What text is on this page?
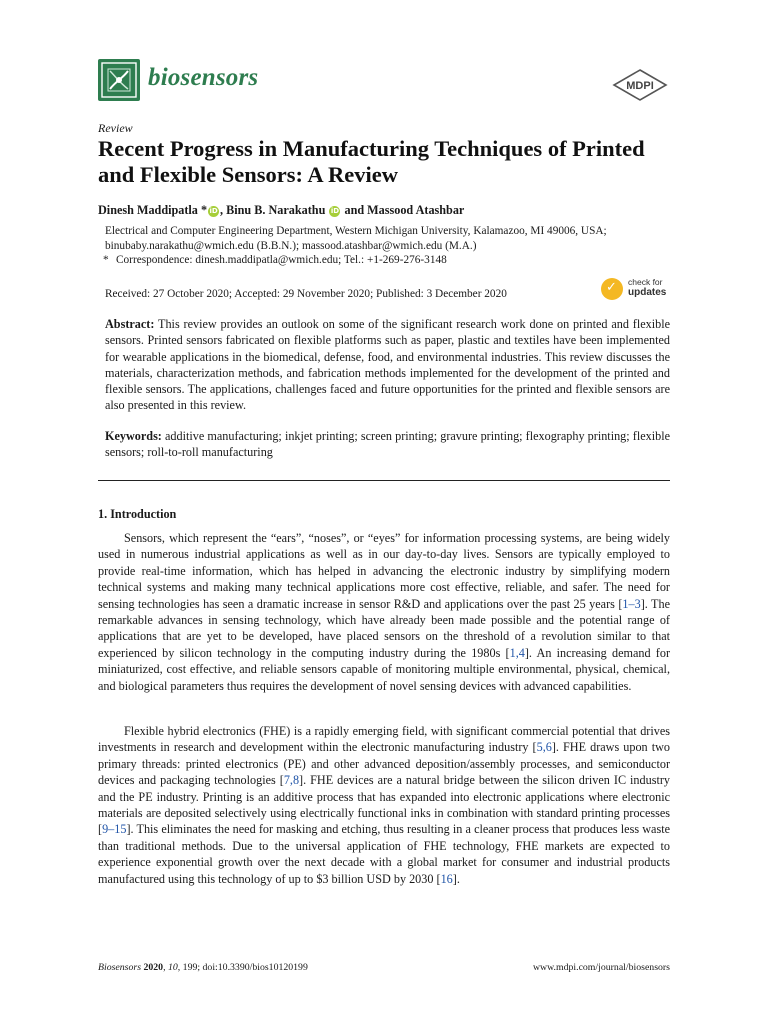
biosensors	MDPI
Review
Recent Progress in Manufacturing Techniques of Printed and Flexible Sensors: A Review
Dinesh Maddipatla * iD , Binu B. Narakathu iD and Massood Atashbar
Electrical and Computer Engineering Department, Western Michigan University, Kalamazoo, MI 49006, USA;
binubaby.narakathu@wmich.edu (B.B.N.); massood.atashbar@wmich.edu (M.A.)
* Correspondence: dinesh.maddipatla@wmich.edu; Tel.: +1-269-276-3148
Received: 27 October 2020; Accepted: 29 November 2020; Published: 3 December 2020	✓ check for
updates
Abstract: This review provides an outlook on some of the significant research work done on printed and flexible sensors. Printed sensors fabricated on flexible platforms such as paper, plastic and textiles have been implemented for wearable applications in the biomedical, defense, food, and environmental industries. This review discusses the materials, characterization methods, and fabrication methods implemented for the development of the printed and flexible sensors. The applications, challenges faced and future opportunities for the printed and flexible sensors are also presented in this review.
Keywords: additive manufacturing; inkjet printing; screen printing; gravure printing; flexography printing; flexible sensors; roll-to-roll manufacturing
1. Introduction
Sensors, which represent the “ears”, “noses”, or “eyes” for information processing systems, are being widely used in numerous industrial applications as well as in our day-to-day lives. Sensors are typically employed to provide real-time information, which has helped in advancing the electronic industry by simplifying modern technical systems and making many technical applications more cost effective, reliable, and safer. The need for sensing technologies has seen a dramatic increase in sensor R&D and applications over the past 25 years [1–3]. The remarkable advances in sensing technology, which have already been made possible and the potential range of applications that are yet to be developed, have placed sensors on the threshold of a revolution similar to that experienced by silicon technology in the computing industry during the 1980s [1,4]. An increasing demand for miniaturized, cost effective, and reliable sensors capable of monitoring multiple environmental, physical, chemical, and biological parameters thus requires the development of novel sensing devices with advanced capabilities.
Flexible hybrid electronics (FHE) is a rapidly emerging field, with significant commercial potential that drives investments in research and development within the electronic manufacturing industry [5,6]. FHE draws upon two primary threads: printed electronics (PE) and other advanced deposition/assembly processes, and semiconductor devices and packaging technologies [7,8]. FHE devices are a natural bridge between the silicon driven IC industry and the PE industry. Printing is an additive process that has expanded into electronic applications where electronic materials are deposited selectively using electrically functional inks in combination with standard printing processes [9–15]. This eliminates the need for masking and etching, thus resulting in a cleaner process that produces less waste than traditional methods. Due to the universal application of FHE technology, FHE markets are expected to experience exponential growth over the next decade with a global market for consumer and industrial products manufactured using this technology of up to $3 billion USD by 2030 [16].
Biosensors 2020, 10, 199; doi:10.3390/bios10120199	www.mdpi.com/journal/biosensors
